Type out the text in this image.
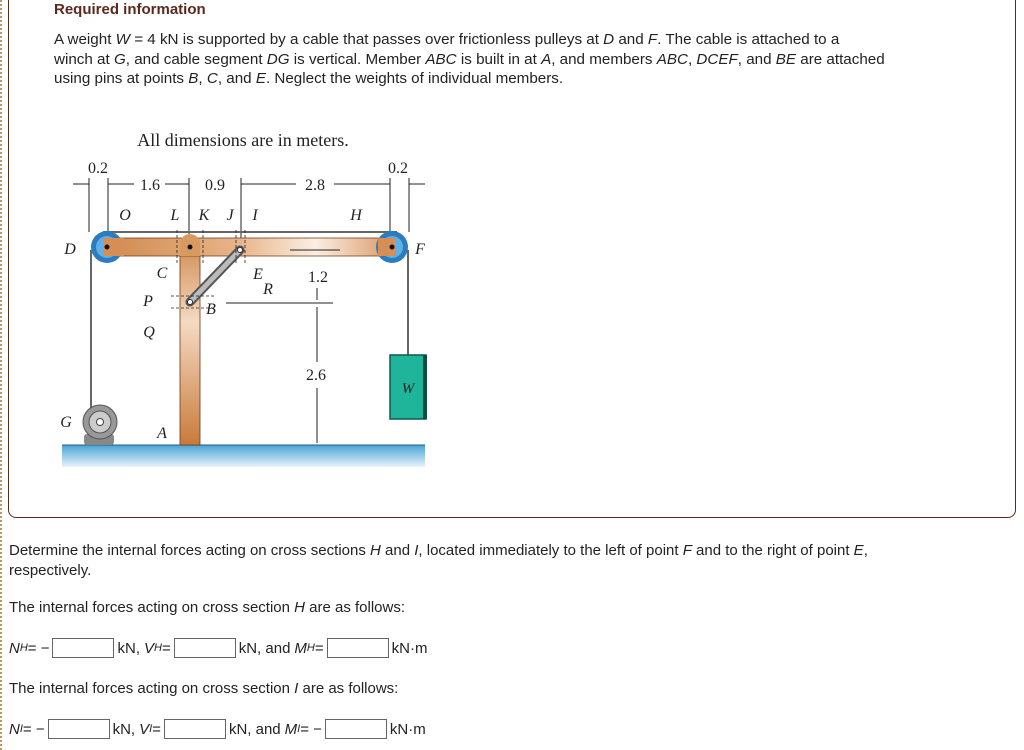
Required information
A weight W = 4 kN is supported by a cable that passes over frictionless pulleys at D and F. The cable is attached to a
winch at G, and cable segment DG is vertical. Member ABC is built in at A, and members ABC, DCEF, and BE are attached
using pins at points B, C, and E. Neglect the weights of individual members.
All dimensions are in meters.
0.2	0.2
1.6	0.9	2.8
1.2
2.6
D
O L K J I	H
F
C	E
R
P	B
Q
G
A
W
Determine the internal forces acting on cross sections H and I, located immediately to the left of point F and to the right of point E,
respectively.
The internal forces acting on cross section H are as follows:
N H = −	kN, V H =	kN, and M H =	kN·m
The internal forces acting on cross section I are as follows:
N I = −	kN, V I =	kN, and M I = −	kN·m
